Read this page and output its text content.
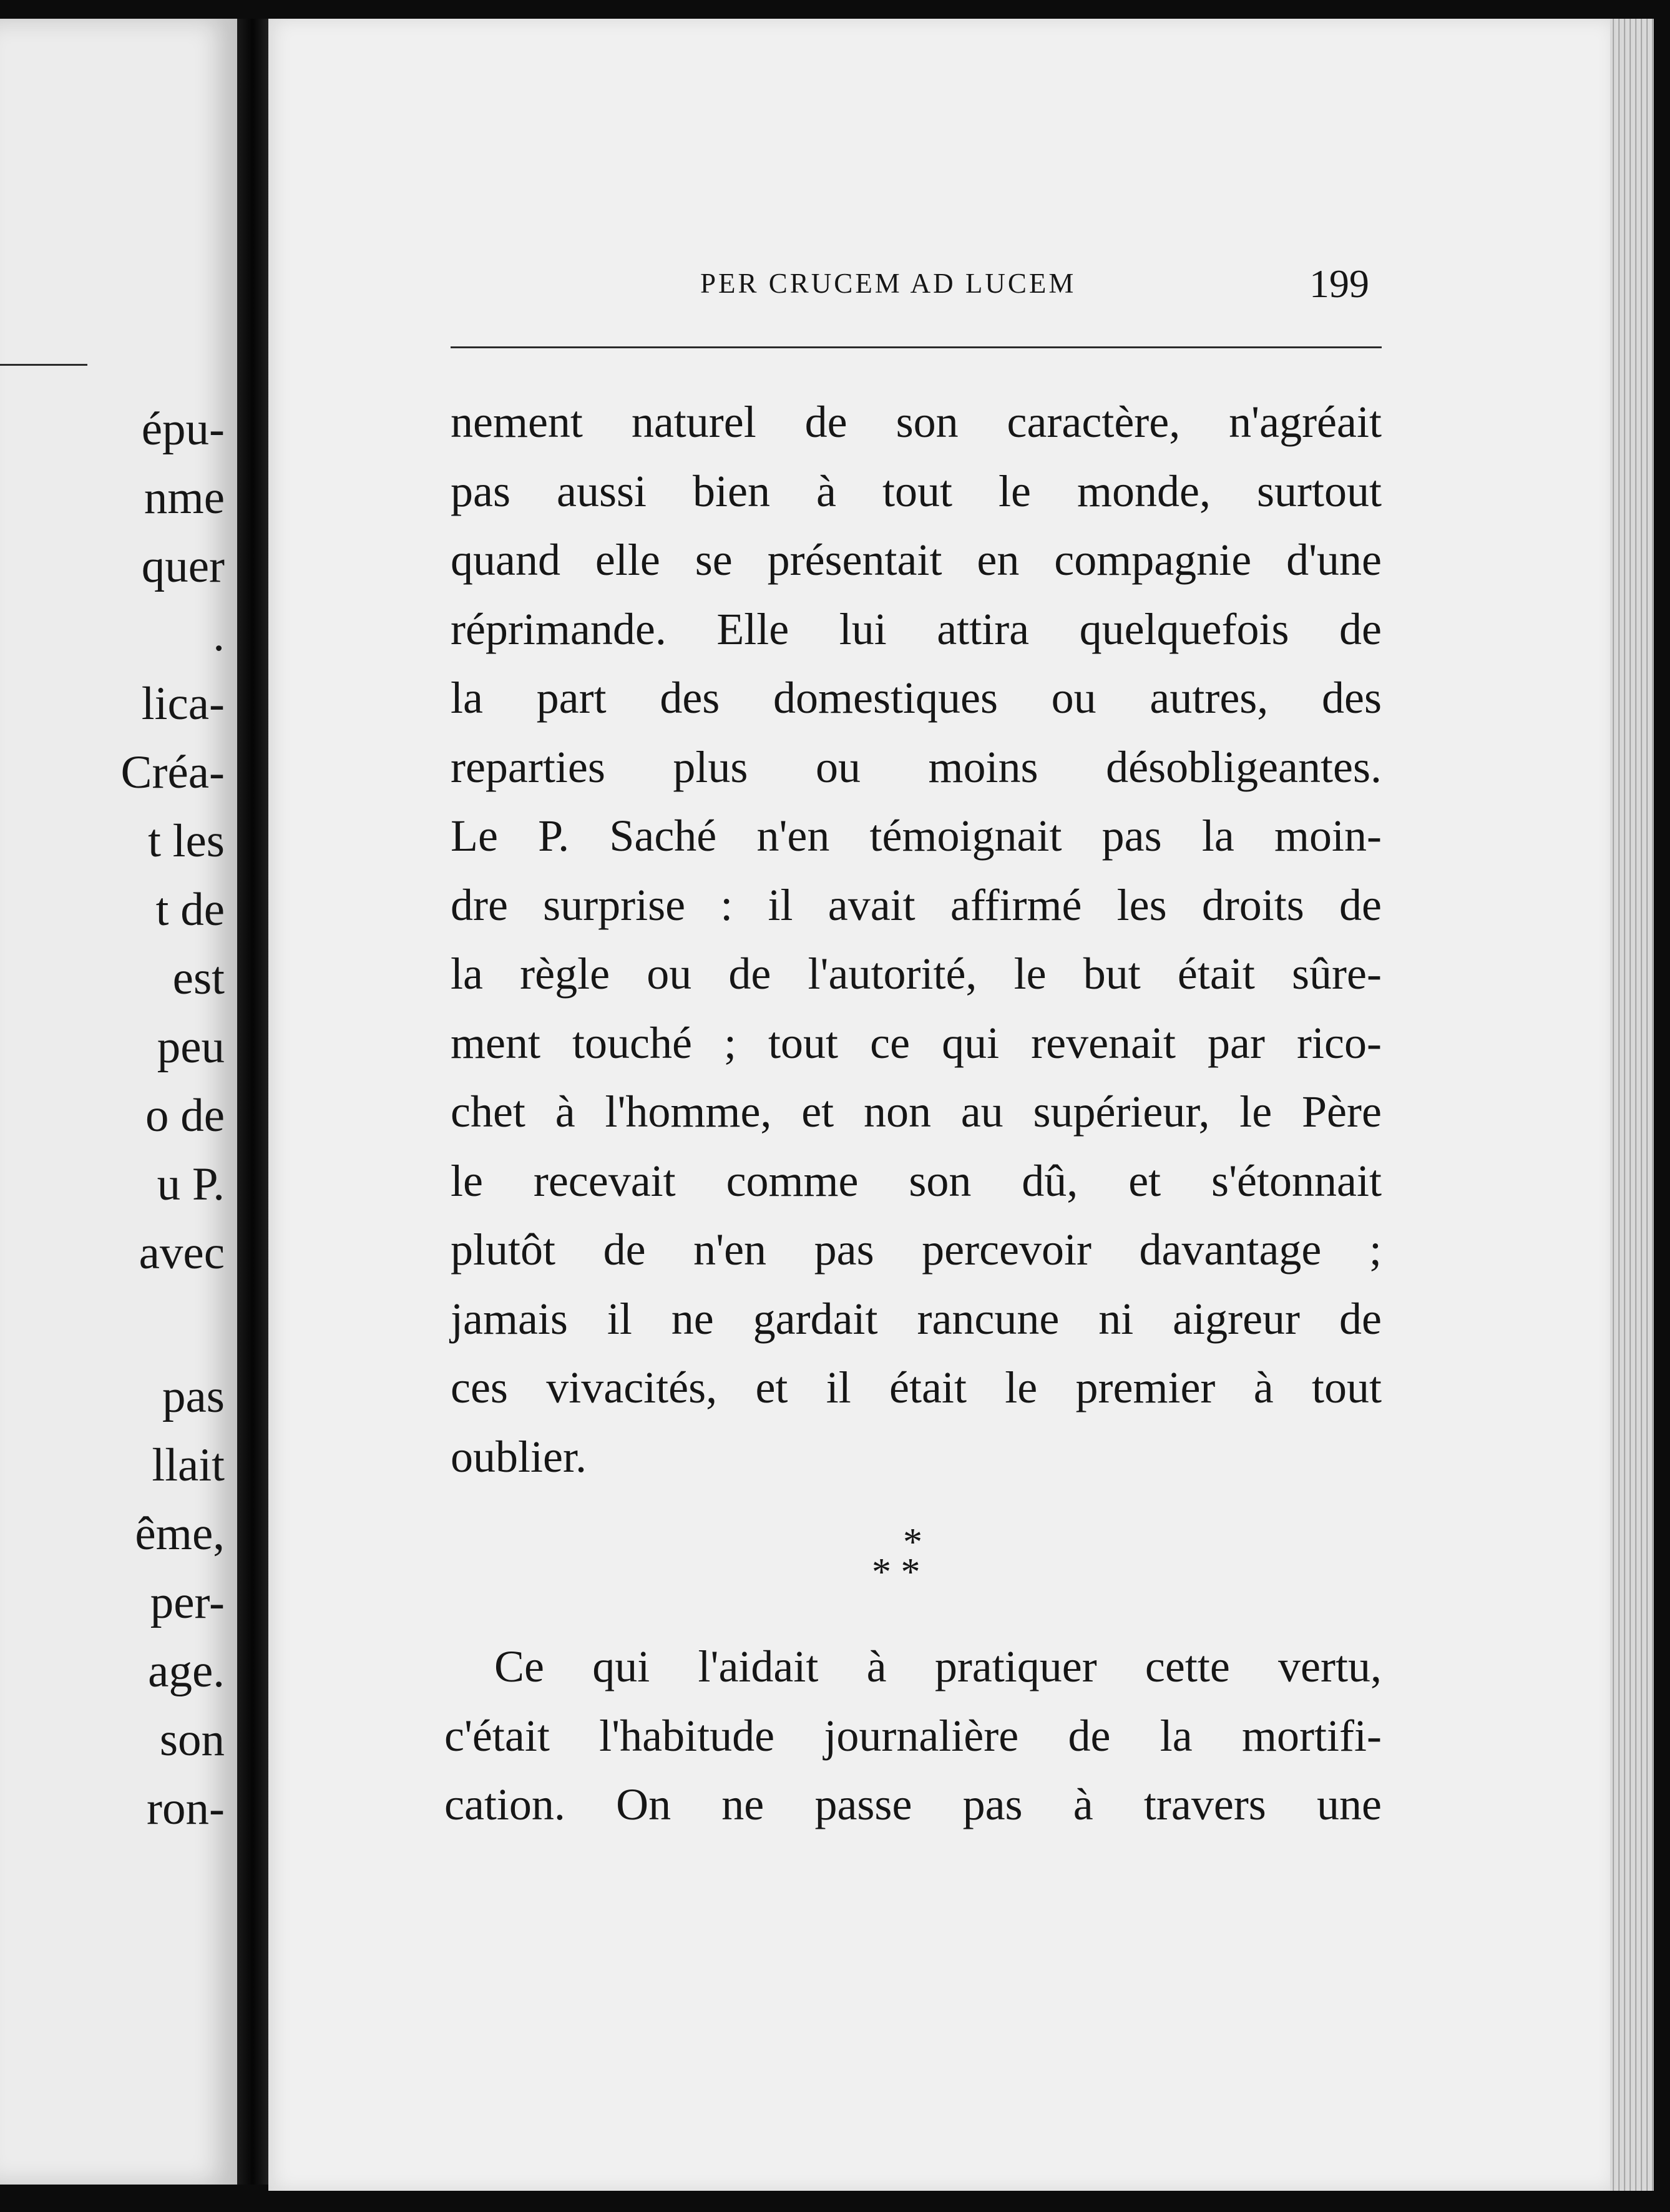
épu-
nme
quer
.
lica-
Créa-
t les
t de
est
peu
o de
u P.
avec
pas
llait
ême,
per-
age.
son
ron-
PER CRUCEM AD LUCEM	199
nement naturel de son caractère, n'agréait
pas aussi bien à tout le monde, surtout
quand elle se présentait en compagnie d'une
réprimande. Elle lui attira quelquefois de
la part des domestiques ou autres, des
reparties plus ou moins désobligeantes.
Le P. Saché n'en témoignait pas la moin-
dre surprise : il avait affirmé les droits de
la règle ou de l'autorité, le but était sûre-
ment touché ; tout ce qui revenait par rico-
chet à l'homme, et non au supérieur, le Père
le recevait comme son dû, et s'étonnait
plutôt de n'en pas percevoir davantage ;
jamais il ne gardait rancune ni aigreur de
ces vivacités, et il était le premier à tout
oublier.
*
* *
Ce qui l'aidait à pratiquer cette vertu,
c'était l'habitude journalière de la mortifi-
cation. On ne passe pas à travers une
